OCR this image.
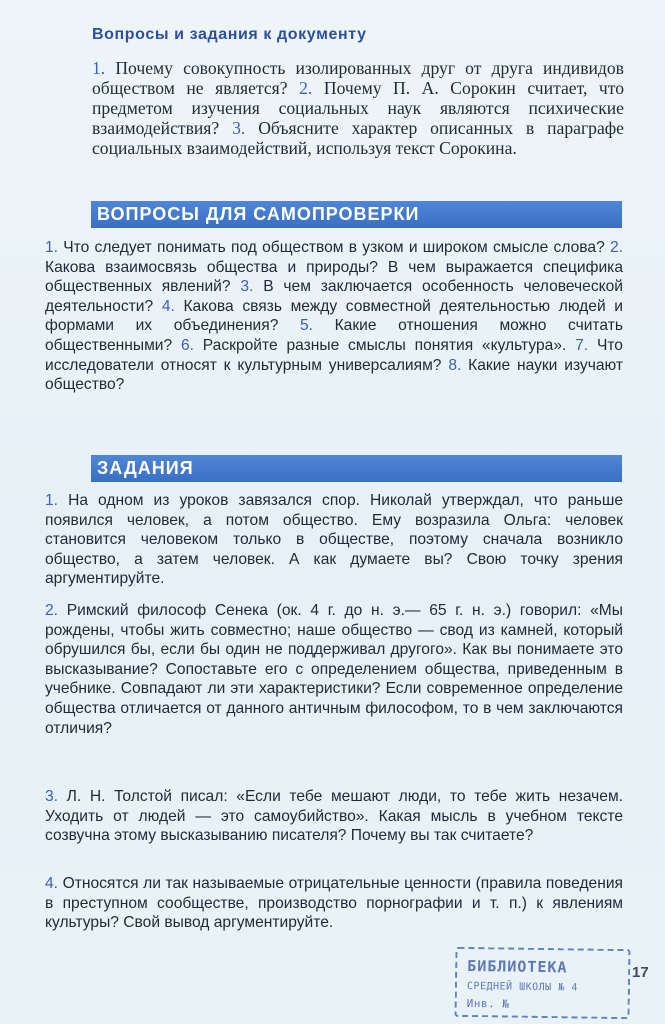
Вопросы и задания к документу
1. Почему совокупность изолированных друг от друга индивидов обществом не является? 2. Почему П. А. Сорокин считает, что предметом изучения социальных наук являются психические взаимодействия? 3. Объясните характер описанных в параграфе социальных взаимодействий, используя текст Сорокина.
ВОПРОСЫ ДЛЯ САМОПРОВЕРКИ
1. Что следует понимать под обществом в узком и широком смысле слова? 2. Какова взаимосвязь общества и природы? В чем выражается специфика общественных явлений? 3. В чем заключается особенность человеческой деятельности? 4. Какова связь между совместной деятельностью людей и формами их объединения? 5. Какие отношения можно считать общественными? 6. Раскройте разные смыслы понятия «культура». 7. Что исследователи относят к культурным универсалиям? 8. Какие науки изучают общество?
ЗАДАНИЯ
1. На одном из уроков завязался спор. Николай утверждал, что раньше появился человек, а потом общество. Ему возразила Ольга: человек становится человеком только в обществе, поэтому сначала возникло общество, а затем человек. А как думаете вы? Свою точку зрения аргументируйте.
2. Римский философ Сенека (ок. 4 г. до н. э.— 65 г. н. э.) говорил: «Мы рождены, чтобы жить совместно; наше общество — свод из камней, который обрушился бы, если бы один не поддерживал другого». Как вы понимаете это высказывание? Сопоставьте его с определением общества, приведенным в учебнике. Совпадают ли эти характеристики? Если современное определение общества отличается от данного античным философом, то в чем заключаются отличия?
3. Л. Н. Толстой писал: «Если тебе мешают люди, то тебе жить незачем. Уходить от людей — это самоубийство». Какая мысль в учебном тексте созвучна этому высказыванию писателя? Почему вы так считаете?
4. Относятся ли так называемые отрицательные ценности (правила поведения в преступном сообществе, производство порнографии и т. п.) к явлениям культуры? Свой вывод аргументируйте.
БИБЛИОТЕКА
СРЕДНЕЙ ШКОЛЫ № 4
Инв. №
17
